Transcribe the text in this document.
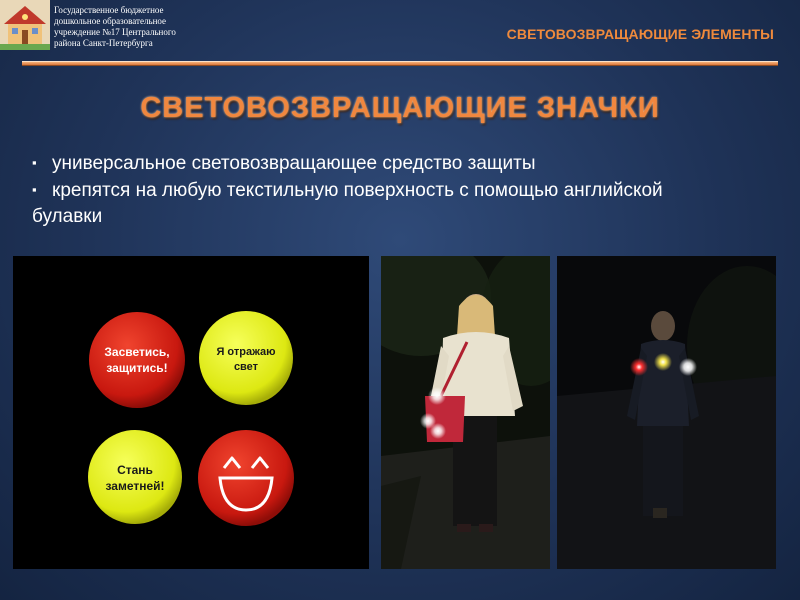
Государственное бюджетное дошкольное образовательное учреждение №17 Центрального района Санкт-Петербурга
СВЕТОВОЗВРАЩАЮЩИЕ ЭЛЕМЕНТЫ
СВЕТОВОЗВРАЩАЮЩИЕ ЗНАЧКИ
▪ универсальное световозвращающее средство защиты
▪ крепятся на любую текстильную поверхность с помощью английской булавки
Засветись,
защитись!
Я отражаю
свет
Стань
заметней!
